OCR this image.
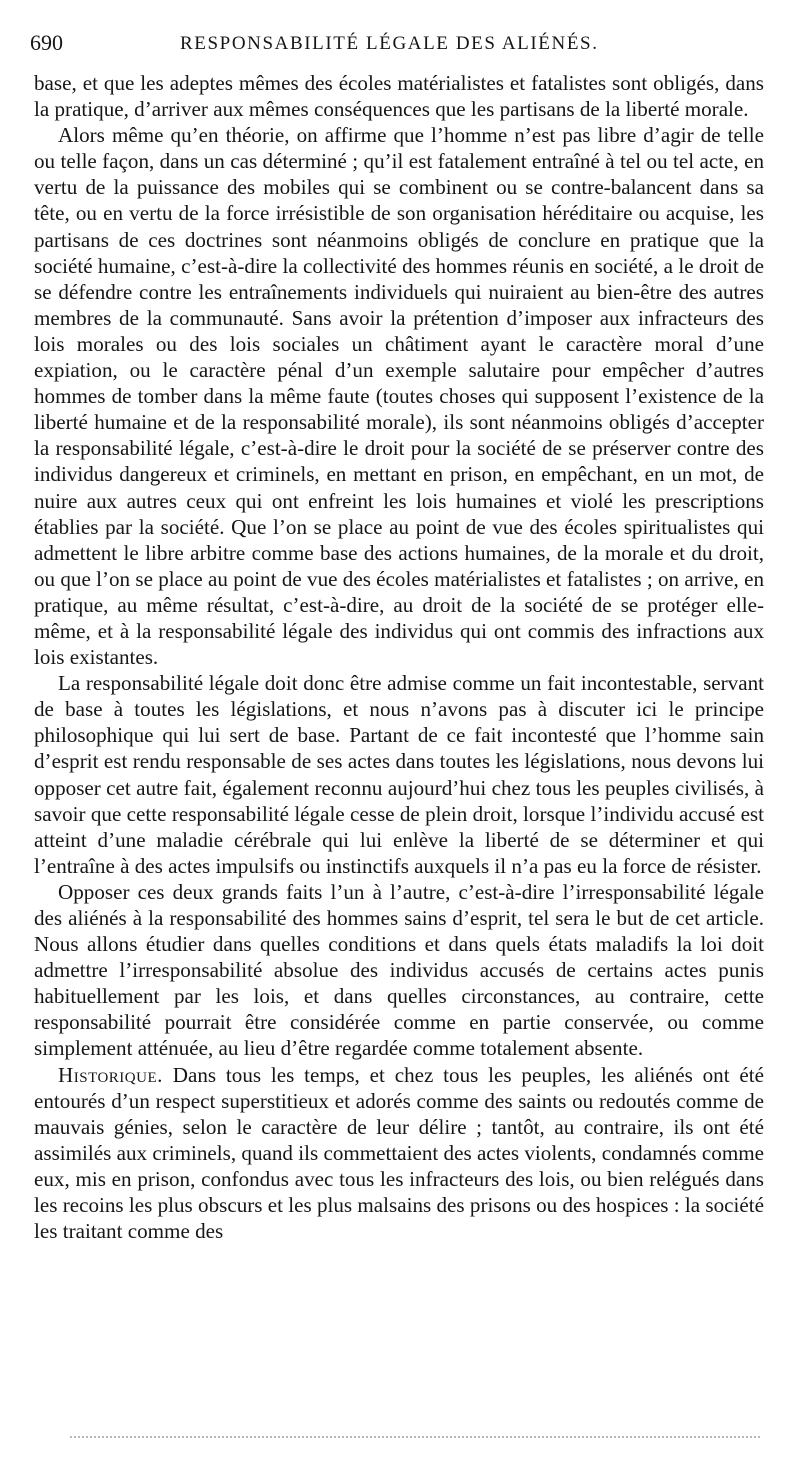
690	RESPONSABILITÉ LÉGALE DES ALIÉNÉS.

base, et que les adeptes mêmes des écoles matérialistes et fatalistes sont obligés, dans la pratique, d’arriver aux mêmes conséquences que les partisans de la liberté morale.

Alors même qu’en théorie, on affirme que l’homme n’est pas libre d’agir de telle ou telle façon, dans un cas déterminé ; qu’il est fatalement entraîné à tel ou tel acte, en vertu de la puissance des mobiles qui se combinent ou se contre-balancent dans sa tête, ou en vertu de la force irrésistible de son organisation héréditaire ou acquise, les partisans de ces doctrines sont néanmoins obligés de conclure en pratique que la société humaine, c’est-à-dire la collectivité des hommes réunis en société, a le droit de se défendre contre les entraînements individuels qui nuiraient au bien-être des autres membres de la communauté. Sans avoir la prétention d’imposer aux infracteurs des lois morales ou des lois sociales un châtiment ayant le caractère moral d’une expiation, ou le caractère pénal d’un exemple salutaire pour empêcher d’autres hommes de tomber dans la même faute (toutes choses qui supposent l’existence de la liberté humaine et de la responsabilité morale), ils sont néanmoins obligés d’accepter la responsabilité légale, c’est-à-dire le droit pour la société de se préserver contre des individus dangereux et criminels, en mettant en prison, en empêchant, en un mot, de nuire aux autres ceux qui ont enfreint les lois humaines et violé les prescriptions établies par la société. Que l’on se place au point de vue des écoles spiritualistes qui admettent le libre arbitre comme base des actions humaines, de la morale et du droit, ou que l’on se place au point de vue des écoles matérialistes et fatalistes ; on arrive, en pratique, au même résultat, c’est-à-dire, au droit de la société de se protéger elle-même, et à la responsabilité légale des individus qui ont commis des infractions aux lois existantes.

La responsabilité légale doit donc être admise comme un fait incontestable, servant de base à toutes les législations, et nous n’avons pas à discuter ici le principe philosophique qui lui sert de base. Partant de ce fait incontesté que l’homme sain d’esprit est rendu responsable de ses actes dans toutes les législations, nous devons lui opposer cet autre fait, également reconnu aujourd’hui chez tous les peuples civilisés, à savoir que cette responsabilité légale cesse de plein droit, lorsque l’individu accusé est atteint d’une maladie cérébrale qui lui enlève la liberté de se déterminer et qui l’entraîne à des actes impulsifs ou instinctifs auxquels il n’a pas eu la force de résister.

Opposer ces deux grands faits l’un à l’autre, c’est-à-dire l’irresponsabilité légale des aliénés à la responsabilité des hommes sains d’esprit, tel sera le but de cet article. Nous allons étudier dans quelles conditions et dans quels états maladifs la loi doit admettre l’irresponsabilité absolue des individus accusés de certains actes punis habituellement par les lois, et dans quelles circonstances, au contraire, cette responsabilité pourrait être considérée comme en partie conservée, ou comme simplement atténuée, au lieu d’être regardée comme totalement absente.

Historique. Dans tous les temps, et chez tous les peuples, les aliénés ont été entourés d’un respect superstitieux et adorés comme des saints ou redoutés comme de mauvais génies, selon le caractère de leur délire ; tantôt, au contraire, ils ont été assimilés aux criminels, quand ils commettaient des actes violents, condamnés comme eux, mis en prison, confondus avec tous les infracteurs des lois, ou bien relégués dans les recoins les plus obscurs et les plus malsains des prisons ou des hospices : la société les traitant comme des
